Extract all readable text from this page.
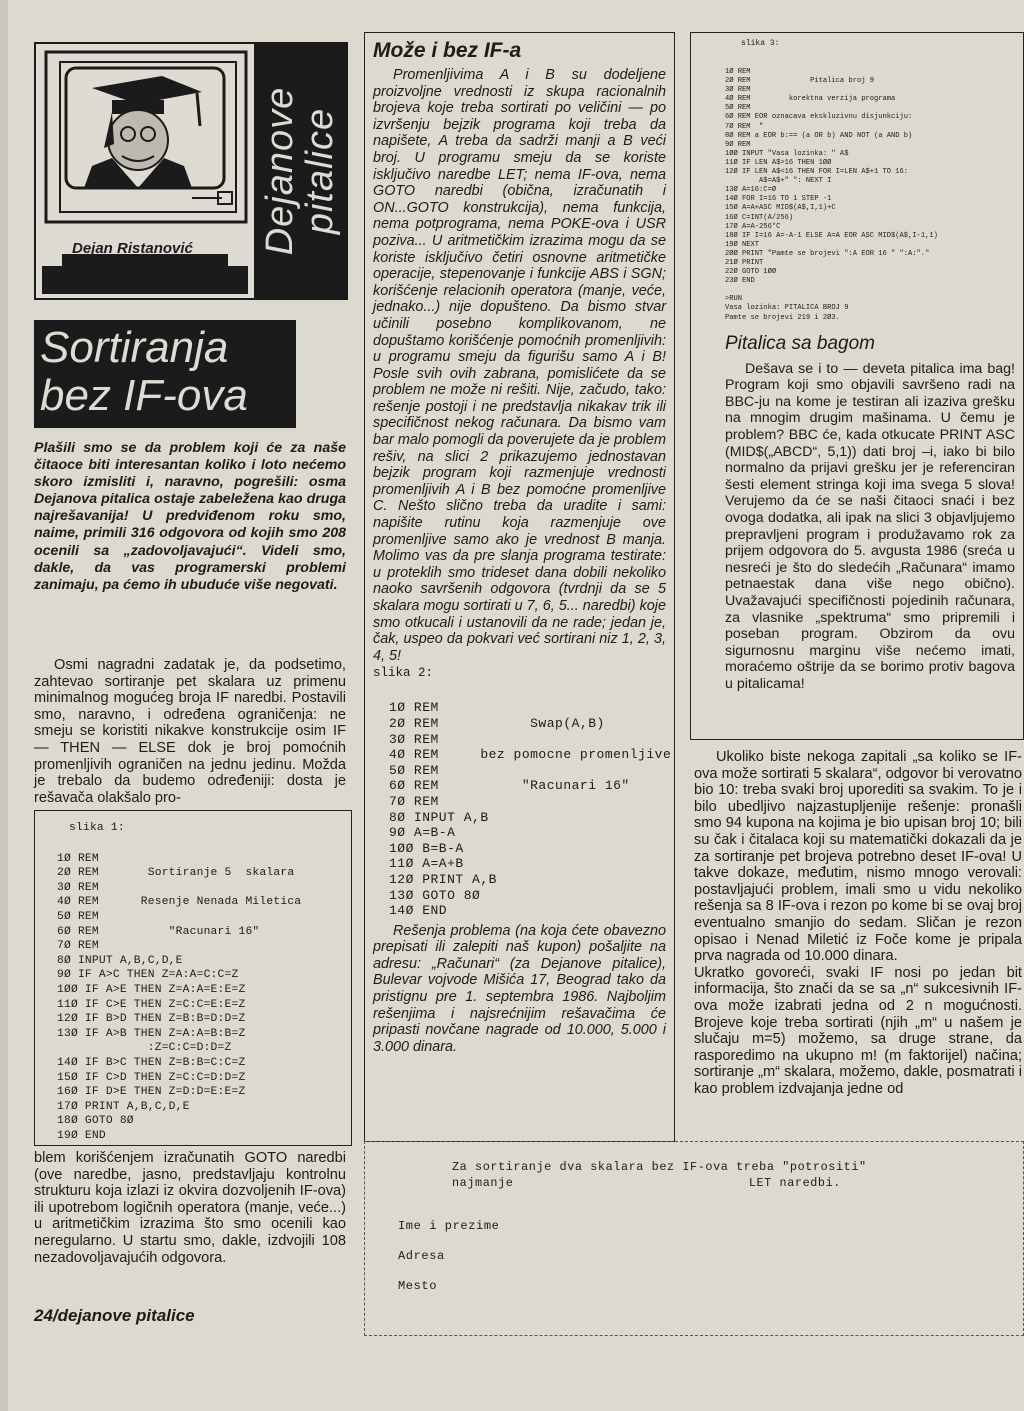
Dejanove
pitalice
Dejan Ristanović
Sortiranja
bez IF-ova
Plašili smo se da problem koji će za naše čitaoce biti interesantan koliko i loto nećemo skoro izmisliti i, naravno, pogrešili: osma Dejanova pitalica ostaje zabeležena kao druga najrešavanija! U predviđenom roku smo, naime, primili 316 odgovora od kojih smo 208 ocenili sa „zadovoljavajući“. Videli smo, dakle, da vas programerski problemi zanimaju, pa ćemo ih ubuduće više negovati.
Osmi nagradni zadatak je, da podsetimo, zahtevao sortiranje pet skalara uz primenu minimalnog mogućeg broja IF naredbi. Postavili smo, naravno, i određena ograničenja: ne smeju se koristiti nikakve konstrukcije osim IF — THEN — ELSE dok je broj pomoćnih promenljivih ograničen na jednu jedinu. Možda je trebalo da budemo određeniji: dosta je rešavača olakšalo pro-
slika 1:
1Ø REM
2Ø REM       Sortiranje 5  skalara
3Ø REM
4Ø REM      Resenje Nenada Miletica
5Ø REM
6Ø REM          "Racunari 16"
7Ø REM
8Ø INPUT A,B,C,D,E
9Ø IF A>C THEN Z=A:A=C:C=Z
1ØØ IF A>E THEN Z=A:A=E:E=Z
11Ø IF C>E THEN Z=C:C=E:E=Z
12Ø IF B>D THEN Z=B:B=D:D=Z
13Ø IF A>B THEN Z=A:A=B:B=Z
:Z=C:C=D:D=Z
14Ø IF B>C THEN Z=B:B=C:C=Z
15Ø IF C>D THEN Z=C:C=D:D=Z
16Ø IF D>E THEN Z=D:D=E:E=Z
17Ø PRINT A,B,C,D,E
18Ø GOTO 8Ø
19Ø END
blem korišćenjem izračunatih GOTO naredbi (ove naredbe, jasno, predstavljaju kontrolnu strukturu koja izlazi iz okvira dozvoljenih IF-ova) ili upotrebom logičnih operatora (manje, veće...) u aritmetičkim izrazima što smo ocenili kao neregularno. U startu smo, dakle, izdvojili 108 nezadovoljavajućih odgovora.
24/dejanove pitalice
Može i bez IF-a
Promenljivima A i B su dodeljene proizvoljne vrednosti iz skupa racionalnih brojeva koje treba sortirati po veličini — po izvršenju bejzik programa koji treba da napišete, A treba da sadrži manji a B veći broj. U programu smeju da se koriste isključivo naredbe LET; nema IF-ova, nema GOTO naredbi (obična, izračunatih i ON...GOTO konstrukcija), nema funkcija, nema potprograma, nema POKE-ova i USR poziva... U aritmetičkim izrazima mogu da se koriste isključivo četiri osnovne aritmetičke operacije, stepenovanje i funkcije ABS i SGN; korišćenje relacionih operatora (manje, veće, jednako...) nije dopušteno. Da bismo stvar učinili posebno komplikovanom, ne dopuštamo korišćenje pomoćnih promenljivih: u programu smeju da figurišu samo A i B! Posle svih ovih zabrana, pomislićete da se problem ne može ni rešiti. Nije, začudo, tako: rešenje postoji i ne predstavlja nikakav trik ili specifičnost nekog računara. Da bismo vam bar malo pomogli da poverujete da je problem rešiv, na slici 2 prikazujemo jednostavan bejzik program koji razmenjuje vrednosti promenljivih A i B bez pomoćne promenljive C. Nešto slično treba da uradite i sami: napišite rutinu koja razmenjuje ove promenljive samo ako je vrednost B manja. Molimo vas da pre slanja programa testirate: u proteklih smo trideset dana dobili nekoliko naoko savršenih odgovora (tvrdnji da se 5 skalara mogu sortirati u 7, 6, 5... naredbi) koje smo otkucali i ustanovili da ne rade; jedan je, čak, uspeo da pokvari već sortirani niz 1, 2, 3, 4, 5!
slika 2:
1Ø REM
2Ø REM           Swap(A,B)
3Ø REM
4Ø REM     bez pomocne promenljive
5Ø REM
6Ø REM          "Racunari 16"
7Ø REM
8Ø INPUT A,B
9Ø A=B-A
1ØØ B=B-A
11Ø A=A+B
12Ø PRINT A,B
13Ø GOTO 8Ø
14Ø END
Rešenja problema (na koja ćete obavezno prepisati ili zalepiti naš kupon) pošaljite na adresu: „Računari“ (za Dejanove pitalice), Bulevar vojvode Mišića 17, Beograd tako da pristignu pre 1. septembra 1986. Najboljim rešenjima i najsrećnijim rešavačima će pripasti novčane nagrade od 10.000, 5.000 i 3.000 dinara.
slika 3:
1Ø REM
2Ø REM              Pitalica broj 9
3Ø REM
4Ø REM         korektna verzija programa
5Ø REM
6Ø REM EOR oznacava ekskluzivnu disjunkciju:
7Ø REM  "
8Ø REM a EOR b:== (a OR b) AND NOT (a AND b)
9Ø REM
1ØØ INPUT "Vasa lozinka: " A$
11Ø IF LEN A$>16 THEN 1ØØ
12Ø IF LEN A$<16 THEN FOR I=LEN A$+1 TO 16:
A$=A$+" ": NEXT I
13Ø A=16:C=Ø
14Ø FOR I=16 TO 1 STEP -1
15Ø A=A+ASC MID$(A$,I,1)+C
16Ø C=INT(A/256)
17Ø A=A-256*C
18Ø IF I=16 A=-A-1 ELSE A=A EOR ASC MID$(A$,I-1,1)
19Ø NEXT
2ØØ PRINT "Pamte se brojevi ":A EOR 16 " ":A:"."
21Ø PRINT
22Ø GOTO 1ØØ
23Ø END

>RUN
Vasa lozinka: PITALICA BROJ 9
Pamte se brojevi 219 i 2Ø3.
Pitalica sa bagom
Dešava se i to — deveta pitalica ima bag! Program koji smo objavili savršeno radi na BBC-ju na kome je testiran ali izaziva grešku na mnogim drugim mašinama. U čemu je problem? BBC će, kada otkucate PRINT ASC (MID$(„ABCD“, 5,1)) dati broj –i, iako bi bilo normalno da prijavi grešku jer je referenciran šesti element stringa koji ima svega 5 slova! Verujemo da će se naši čitaoci snaći i bez ovoga dodatka, ali ipak na slici 3 objavljujemo prepravljeni program i produžavamo rok za prijem odgovora do 5. avgusta 1986 (sreća u nesreći je što do sledećih „Računara“ imamo petnaestak dana više nego obično). Uvažavajući specifičnosti pojedinih računara, za vlasnike „spektruma“ smo pripremili i poseban program. Obzirom da ovu sigurnosnu marginu više nećemo imati, moraćemo oštrije da se borimo protiv bagova u pitalicama!
Ukoliko biste nekoga zapitali „sa koliko se IF-ova može sortirati 5 skalara“, odgovor bi verovatno bio 10: treba svaki broj uporediti sa svakim. To je i bilo ubedljivo najzastupljenije rešenje: pronašli smo 94 kupona na kojima je bio upisan broj 10; bili su čak i čitalaca koji su matematički dokazali da je za sortiranje pet brojeva potrebno deset IF-ova! U takve dokaze, međutim, nismo mnogo verovali: postavljajući problem, imali smo u vidu nekoliko rešenja sa 8 IF-ova i rezon po kome bi se ovaj broj eventualno smanjio do sedam. Sličan je rezon opisao i Nenad Miletić iz Foče kome je pripala prva nagrada od 10.000 dinara.
Ukratko govoreći, svaki IF nosi po jedan bit informacija, što znači da se sa „n“ sukcesivnih IF-ova može izabrati jedna od 2 n mogućnosti. Brojeve koje treba sortirati (njih „m“ u našem je slučaju m=5) možemo, sa druge strane, da rasporedimo na ukupno m! (m faktorijel) načina; sortiranje „m“ skalara, možemo, dakle, posmatrati i kao problem izdvajanja jedne od
Za sortiranje dva skalara bez IF-ova treba "potrositi"
najmanje	LET naredbi.
Ime i prezime
Adresa
Mesto
